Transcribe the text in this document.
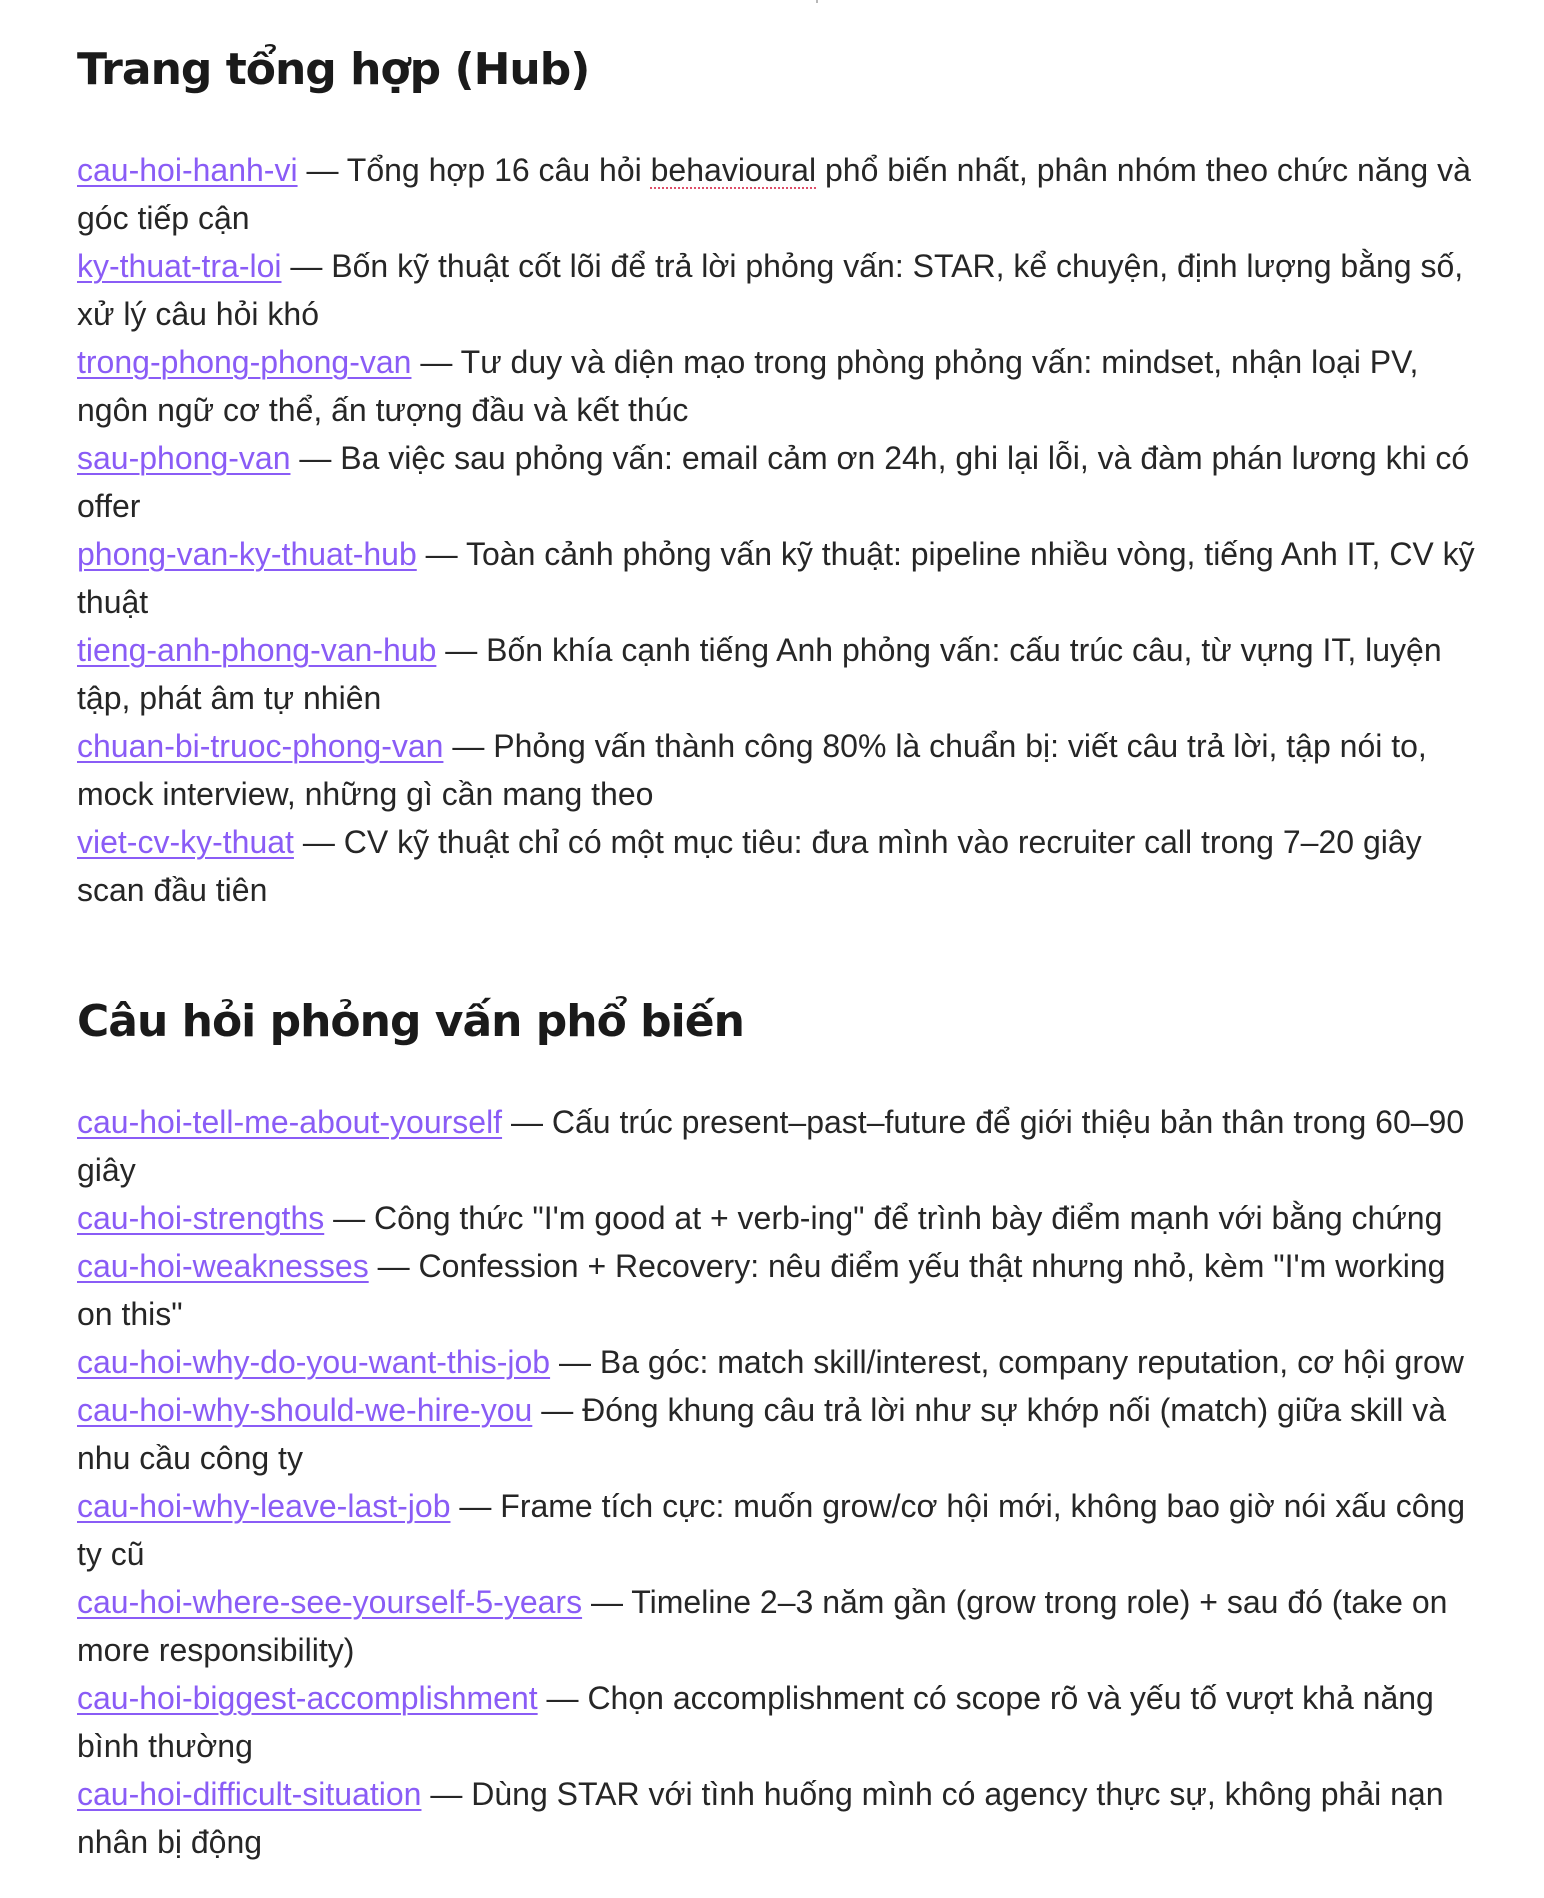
Trang tổng hợp (Hub)

cau-hoi-hanh-vi — Tổng hợp 16 câu hỏi behavioural phổ biến nhất, phân nhóm theo chức năng và góc tiếp cận

ky-thuat-tra-loi — Bốn kỹ thuật cốt lõi để trả lời phỏng vấn: STAR, kể chuyện, định lượng bằng số, xử lý câu hỏi khó

trong-phong-phong-van — Tư duy và diện mạo trong phòng phỏng vấn: mindset, nhận loại PV, ngôn ngữ cơ thể, ấn tượng đầu và kết thúc

sau-phong-van — Ba việc sau phỏng vấn: email cảm ơn 24h, ghi lại lỗi, và đàm phán lương khi có offer

phong-van-ky-thuat-hub — Toàn cảnh phỏng vấn kỹ thuật: pipeline nhiều vòng, tiếng Anh IT, CV kỹ thuật

tieng-anh-phong-van-hub — Bốn khía cạnh tiếng Anh phỏng vấn: cấu trúc câu, từ vựng IT, luyện tập, phát âm tự nhiên

chuan-bi-truoc-phong-van — Phỏng vấn thành công 80% là chuẩn bị: viết câu trả lời, tập nói to, mock interview, những gì cần mang theo

viet-cv-ky-thuat — CV kỹ thuật chỉ có một mục tiêu: đưa mình vào recruiter call trong 7–20 giây scan đầu tiên

Câu hỏi phỏng vấn phổ biến

cau-hoi-tell-me-about-yourself — Cấu trúc present–past–future để giới thiệu bản thân trong 60–90 giây

cau-hoi-strengths — Công thức "I'm good at + verb-ing" để trình bày điểm mạnh với bằng chứng

cau-hoi-weaknesses — Confession + Recovery: nêu điểm yếu thật nhưng nhỏ, kèm "I'm working on this"

cau-hoi-why-do-you-want-this-job — Ba góc: match skill/interest, company reputation, cơ hội grow

cau-hoi-why-should-we-hire-you — Đóng khung câu trả lời như sự khớp nối (match) giữa skill và nhu cầu công ty

cau-hoi-why-leave-last-job — Frame tích cực: muốn grow/cơ hội mới, không bao giờ nói xấu công ty cũ

cau-hoi-where-see-yourself-5-years — Timeline 2–3 năm gần (grow trong role) + sau đó (take on more responsibility)

cau-hoi-biggest-accomplishment — Chọn accomplishment có scope rõ và yếu tố vượt khả năng bình thường

cau-hoi-difficult-situation — Dùng STAR với tình huống mình có agency thực sự, không phải nạn nhân bị động
